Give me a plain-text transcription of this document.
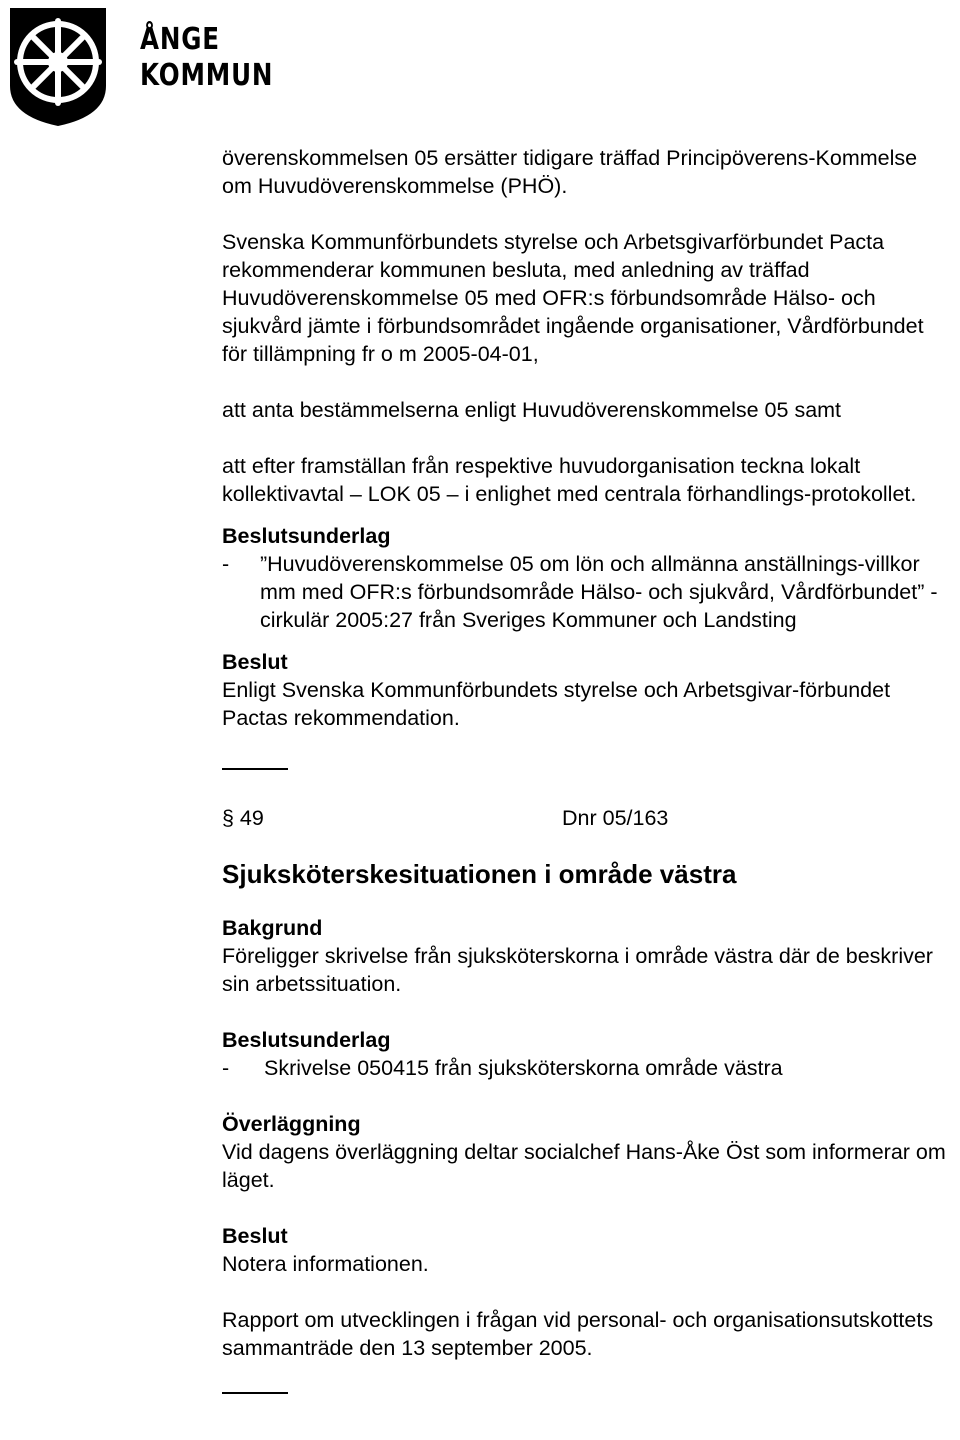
ÅNGE
KOMMUN

överenskommelsen 05 ersätter tidigare träffad Principöverens-Kommelse om Huvudöverenskommelse (PHÖ).

Svenska Kommunförbundets styrelse och Arbetsgivarförbundet Pacta rekommenderar kommunen besluta, med anledning av träffad Huvudöverenskommelse 05 med OFR:s förbundsområde Hälso- och sjukvård jämte i förbundsområdet ingående organisationer, Vårdförbundet för tillämpning fr o m 2005-04-01,

att anta bestämmelserna enligt Huvudöverenskommelse 05 samt

att efter framställan från respektive huvudorganisation teckna lokalt kollektivavtal – LOK 05 – i enlighet med centrala förhandlings-protokollet.

Beslutsunderlag
-	”Huvudöverenskommelse 05 om lön och allmänna anställnings-villkor mm med OFR:s förbundsområde Hälso- och sjukvård, Vårdförbundet” - cirkulär 2005:27 från Sveriges Kommuner och Landsting
Beslut

Enligt Svenska Kommunförbundets styrelse och Arbetsgivar-förbundet Pactas rekommendation.

§ 49	Dnr 05/163
Sjuksköterskesituationen i område västra
Bakgrund

Föreligger skrivelse från sjuksköterskorna i område västra där de beskriver sin arbetssituation.

Beslutsunderlag
-	Skrivelse 050415 från sjuksköterskorna område västra
Överläggning

Vid dagens överläggning deltar socialchef Hans-Åke Öst som informerar om läget.

Beslut

Notera informationen.

Rapport om utvecklingen i frågan vid personal- och organisationsutskottets sammanträde den 13 september 2005.
